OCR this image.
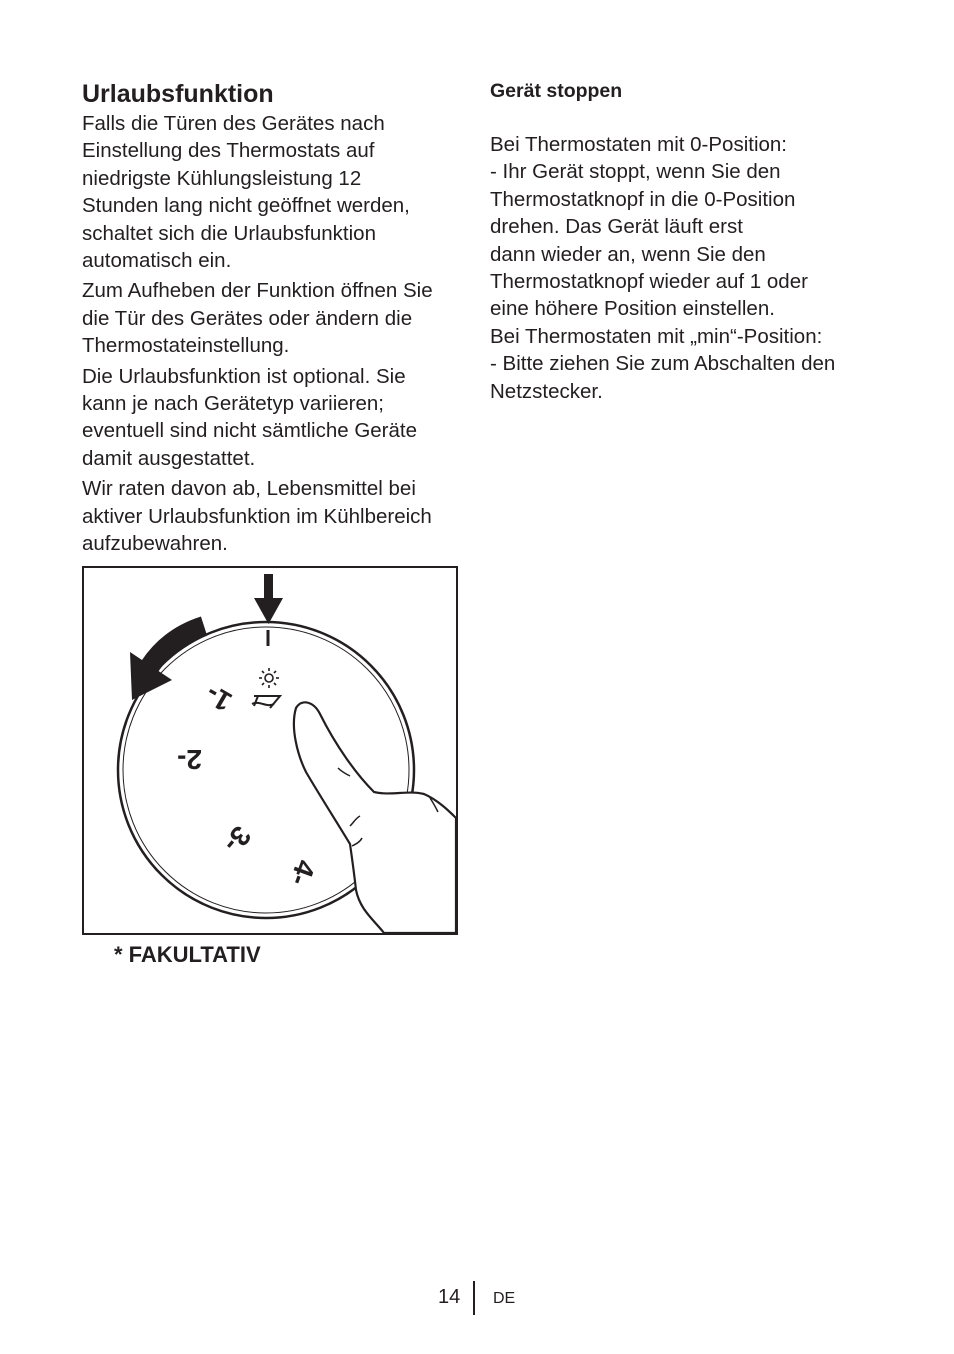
Urlaubsfunktion

Falls die Türen des Gerätes nach
Einstellung des Thermostats auf
niedrigste Kühlungsleistung 12
Stunden lang nicht geöffnet werden,
schaltet sich die Urlaubsfunktion
automatisch ein.

Zum Aufheben der Funktion öffnen Sie
die Tür des Gerätes oder ändern die
Thermostateinstellung.

Die Urlaubsfunktion ist optional. Sie
kann je nach Gerätetyp variieren;
eventuell sind nicht sämtliche Geräte
damit ausgestattet.

Wir raten davon ab, Lebensmittel bei
aktiver Urlaubsfunktion im Kühlbereich
aufzubewahren.

Gerät stoppen

Bei Thermostaten mit 0-Position:
- Ihr Gerät stoppt, wenn Sie den
Thermostatknopf in die 0-Position
drehen. Das Gerät läuft erst
dann wieder an, wenn Sie den
Thermostatknopf wieder auf 1 oder
eine höhere Position einstellen.
Bei Thermostaten mit „min“-Position:
- Bitte ziehen Sie zum Abschalten den
Netzstecker.

1-
2-
3-
4-
* FAKULTATIV
14 DE
